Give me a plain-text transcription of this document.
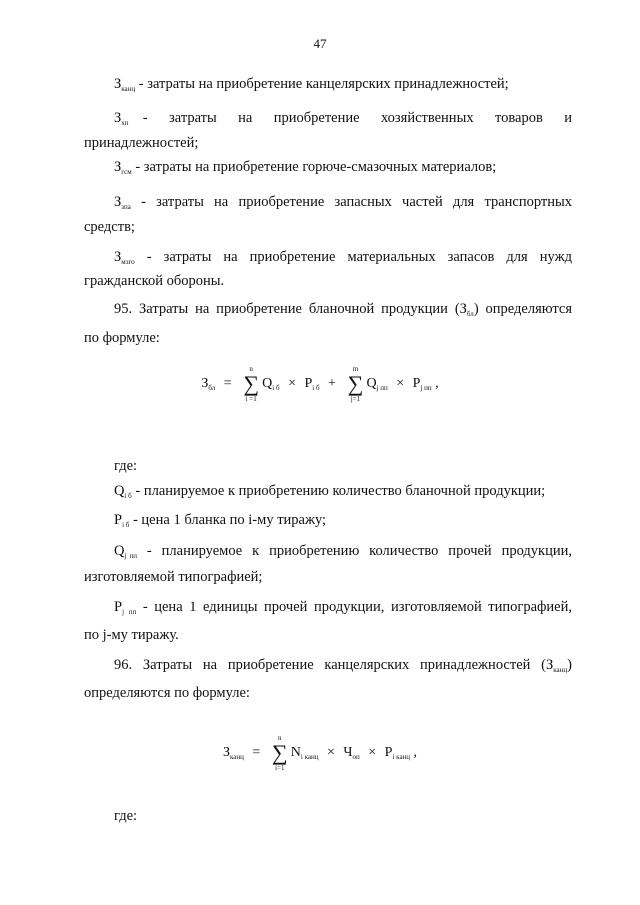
47
$З_{канц}$ - затраты на приобретение канцелярских принадлежностей;
$З_{хп}$  -   затраты   на   приобретение   хозяйственных   товаров   и
принадлежностей;
$З_{гсм}$ - затраты на приобретение горюче-смазочных материалов;
$З_{зпа}$  -  затраты  на  приобретение  запасных  частей  для  транспортных
средств;
$З_{мзго}$  -  затраты  на  приобретение  материальных  запасов  для  нужд
гражданской обороны.
95. Затраты на приобретение бланочной продукции $(З_{бл})$ определяются
по формуле:
$З_{бл}$ =
n
∑
i =1
$Q_{i б} \times P_{i б}$ +
m
∑
j=1
$Q_{j пп} \times P_{j пп}$ ,
где:
$Q_{i б}$ - планируемое к приобретению количество бланочной продукции;
$P_{i б}$ - цена 1 бланка по i-му тиражу;
$Q_{j пп}$  -  планируемое  к  приобретению  количество  прочей  продукции,
изготовляемой типографией;
$P_{j пп}$ - цена 1 единицы прочей продукции, изготовляемой типографией,
по j-му тиражу.
96.  Затраты  на  приобретение  канцелярских  принадлежностей  $(З_{канц})$
определяются по формуле:
$З_{канц}$ =
n
∑
i=1
$N_{i канц} \times Ч_{оп} \times P_{i канц}$ ,
где:
